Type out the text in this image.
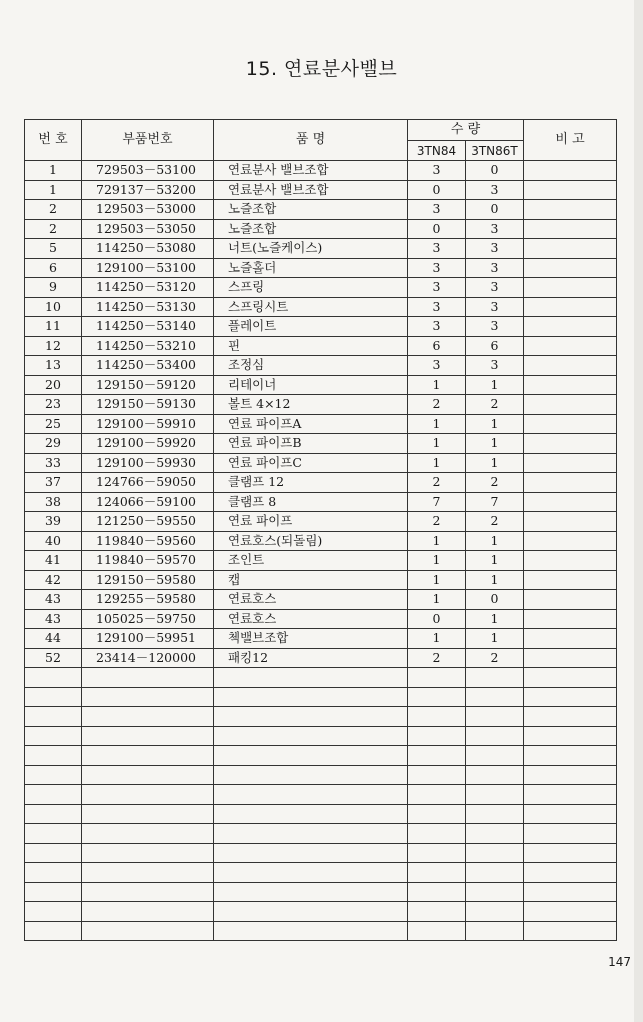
15. 연료분사밸브
번 호	부품번호	품 명	수 량		비 고
			3TN84	3TN86T	
1	729503－53100	연료분사 밸브조합	3	0	
1	729137－53200	연료분사 밸브조합	0	3	
2	129503－53000	노즐조합	3	0	
2	129503－53050	노즐조합	0	3	
5	114250－53080	너트(노즐케이스)	3	3	
6	129100－53100	노즐홀더	3	3	
9	114250－53120	스프링	3	3	
10	114250－53130	스프링시트	3	3	
11	114250－53140	플레이트	3	3	
12	114250－53210	핀	6	6	
13	114250－53400	조정심	3	3	
20	129150－59120	리테이너	1	1	
23	129150－59130	볼트 4×12	2	2	
25	129100－59910	연료 파이프A	1	1	
29	129100－59920	연료 파이프B	1	1	
33	129100－59930	연료 파이프C	1	1	
37	124766－59050	클램프 12	2	2	
38	124066－59100	클램프 8	7	7	
39	121250－59550	연료 파이프	2	2	
40	119840－59560	연료호스(되돌림)	1	1	
41	119840－59570	조인트	1	1	
42	129150－59580	캡	1	1	
43	129255－59580	연료호스	1	0	
43	105025－59750	연료호스	0	1	
44	129100－59951	첵밸브조합	1	1	
52	23414－120000	패킹12	2	2	

147
